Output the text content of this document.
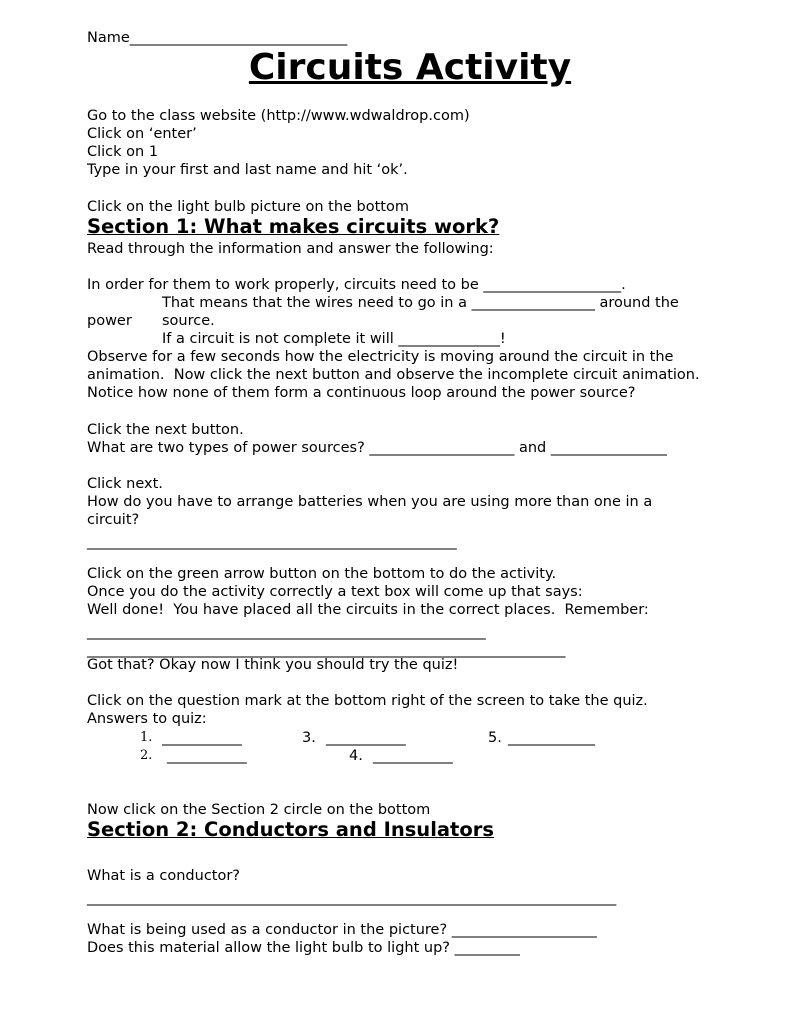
Name______________________________
Circuits Activity
Go to the class website (http://www.wdwaldrop.com)
Click on ‘enter’
Click on 1
Type in your first and last name and hit ‘ok’.
Click on the light bulb picture on the bottom
Section 1: What makes circuits work?
Read through the information and answer the following:
In order for them to work properly, circuits need to be ___________________.
That means that the wires need to go in a _________________ around the
power source.
If a circuit is not complete it will ______________!
Observe for a few seconds how the electricity is moving around the circuit in the
animation.  Now click the next button and observe the incomplete circuit animation.
Notice how none of them form a continuous loop around the power source?
Click the next button.
What are two types of power sources? ____________________ and ________________
Click next.
How do you have to arrange batteries when you are using more than one in a
circuit?
___________________________________________________
Click on the green arrow button on the bottom to do the activity.
Once you do the activity correctly a text box will come up that says:
Well done!  You have placed all the circuits in the correct places.  Remember:
_______________________________________________________
__________________________________________________________________
Got that? Okay now I think you should try the quiz!
Click on the question mark at the bottom right of the screen to take the quiz.
Answers to quiz:
1. ___________	3. ___________	5. ____________
2. ___________	4. ___________
Now click on the Section 2 circle on the bottom
Section 2: Conductors and Insulators
What is a conductor?
_________________________________________________________________________
What is being used as a conductor in the picture? ____________________
Does this material allow the light bulb to light up? _________
